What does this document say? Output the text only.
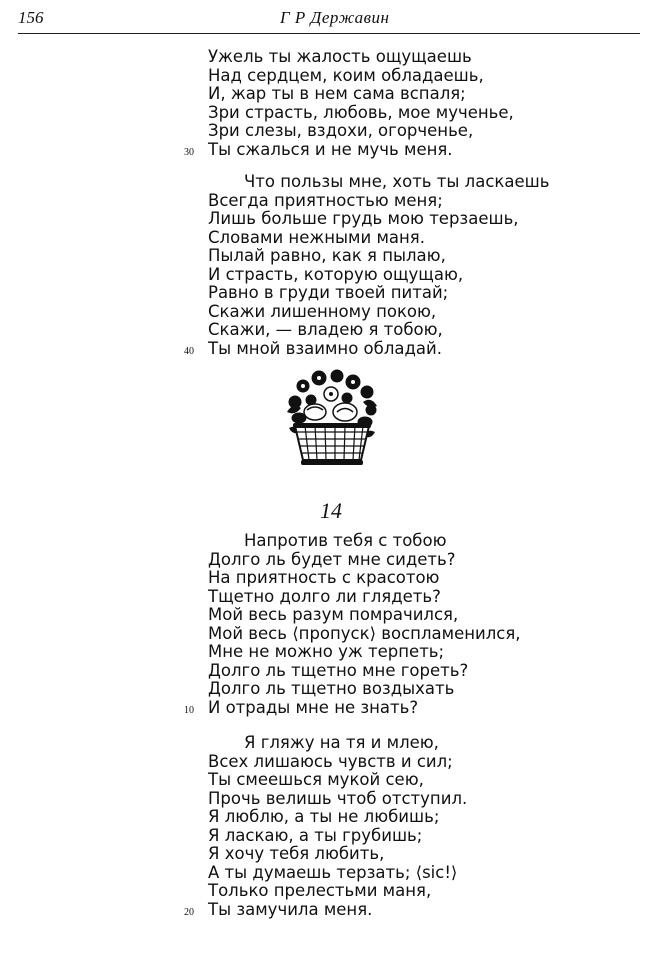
156	Г Р Державин
Ужель ты жалость ощущаешь
Над сердцем, коим обладаешь,
И, жар ты в нем сама вспаля;
Зри страсть, любовь, мое мученье,
Зри слезы, вздохи, огорченье,
30 Ты сжалься и не мучь меня.
Что пользы мне, хоть ты ласкаешь
Всегда приятностью меня;
Лишь больше грудь мою терзаешь,
Словами нежными маня.
Пылай равно, как я пылаю,
И страсть, которую ощущаю,
Равно в груди твоей питай;
Скажи лишенному покою,
Скажи, — владею я тобою,
40 Ты мной взаимно обладай.
14
Напротив тебя с тобою
Долго ль будет мне сидеть?
На приятность с красотою
Тщетно долго ли глядеть?
Мой весь разум помрачился,
Мой весь ⟨пропуск⟩ воспламенился,
Мне не можно уж терпеть;
Долго ль тщетно мне гореть?
Долго ль тщетно воздыхать
10 И отрады мне не знать?
Я гляжу на тя и млею,
Всех лишаюсь чувств и сил;
Ты смеешься мукой сею,
Прочь велишь чтоб отступил.
Я люблю, а ты не любишь;
Я ласкаю, а ты грубишь;
Я хочу тебя любить,
А ты думаешь терзать; ⟨sic!⟩
Только прелестьми маня,
20 Ты замучила меня.
